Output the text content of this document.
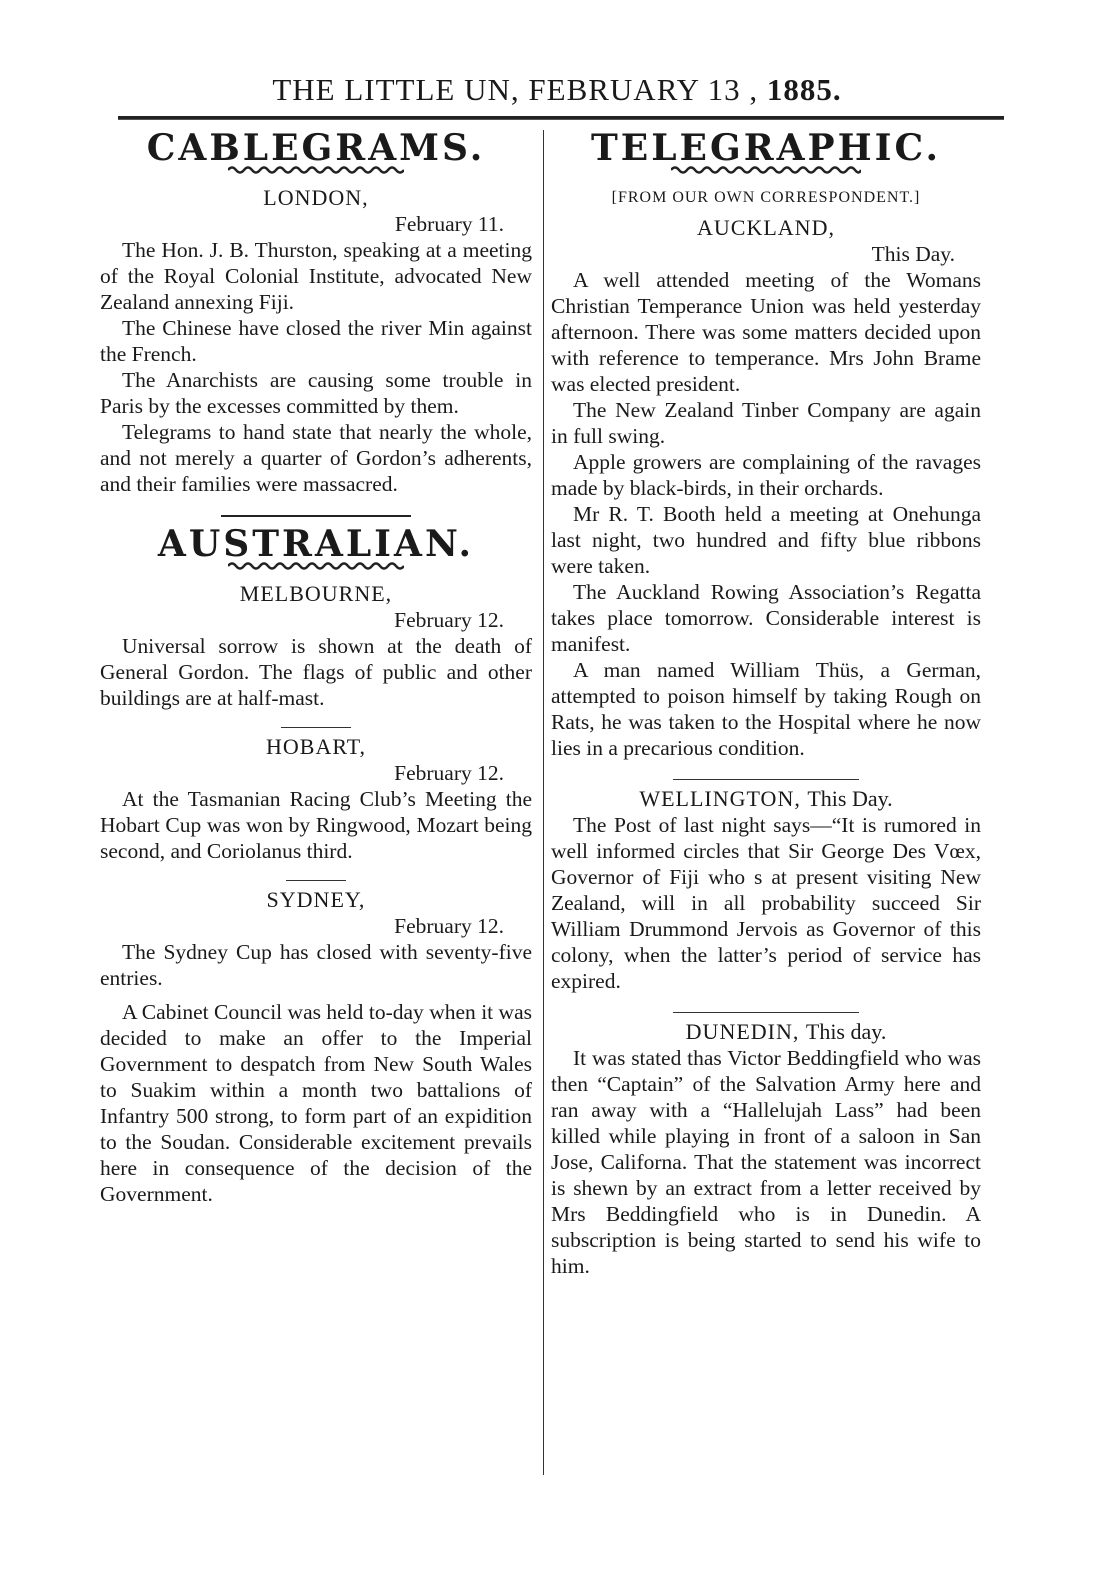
THE LITTLE UN, FEBRUARY 13 , 1885.
CABLEGRAMS.
LONDON,
February 11.

The Hon. J. B. Thurston, speaking at a meeting of the Royal Colonial Institute, advocated New Zealand annexing Fiji.

The Chinese have closed the river Min against the French.

The Anarchists are causing some trouble in Paris by the excesses committed by them.

Telegrams to hand state that nearly the whole, and not merely a quarter of Gordon’s adherents, and their families were massacred.

AUSTRALIAN.
MELBOURNE,
February 12.

Universal sorrow is shown at the death of General Gordon. The flags of public and other buildings are at half-mast.

HOBART,
February 12.

At the Tasmanian Racing Club’s Meeting the Hobart Cup was won by Ringwood, Mozart being second, and Coriolanus third.

SYDNEY,
February 12.

The Sydney Cup has closed with seventy-five entries.

A Cabinet Council was held to-day when it was decided to make an offer to the Imperial Government to despatch from New South Wales to Suakim within a month two battalions of Infantry 500 strong, to form part of an expidition to the Soudan. Considerable excitement prevails here in consequence of the decision of the Government.

TELEGRAPHIC.
[FROM OUR OWN CORRESPONDENT.]
AUCKLAND,
This Day.

A well attended meeting of the Womans Christian Temperance Union was held yesterday afternoon. There was some matters decided upon with reference to temperance. Mrs John Brame was elected president.

The New Zealand Tinber Company are again in full swing.

Apple growers are complaining of the ravages made by black-birds, in their orchards.

Mr R. T. Booth held a meeting at Onehunga last night, two hundred and fifty blue ribbons were taken.

The Auckland Rowing Association’s Regatta takes place tomorrow. Considerable interest is manifest.

A man named William Thüs, a German, attempted to poison himself by taking Rough on Rats, he was taken to the Hospital where he now lies in a precarious condition.

WELLINGTON, This Day.

The Post of last night says—“It is rumored in well informed circles that Sir George Des Vœx, Governor of Fiji who s at present visiting New Zealand, will in all probability succeed Sir William Drummond Jervois as Governor of this colony, when the latter’s period of service has expired.

DUNEDIN, This day.

It was stated thas Victor Beddingfield who was then “Captain” of the Salvation Army here and ran away with a “Hallelujah Lass” had been killed while playing in front of a saloon in San Jose, Californa. That the statement was incorrect is shewn by an extract from a letter received by Mrs Beddingfield who is in Dunedin. A subscription is being started to send his wife to him.
